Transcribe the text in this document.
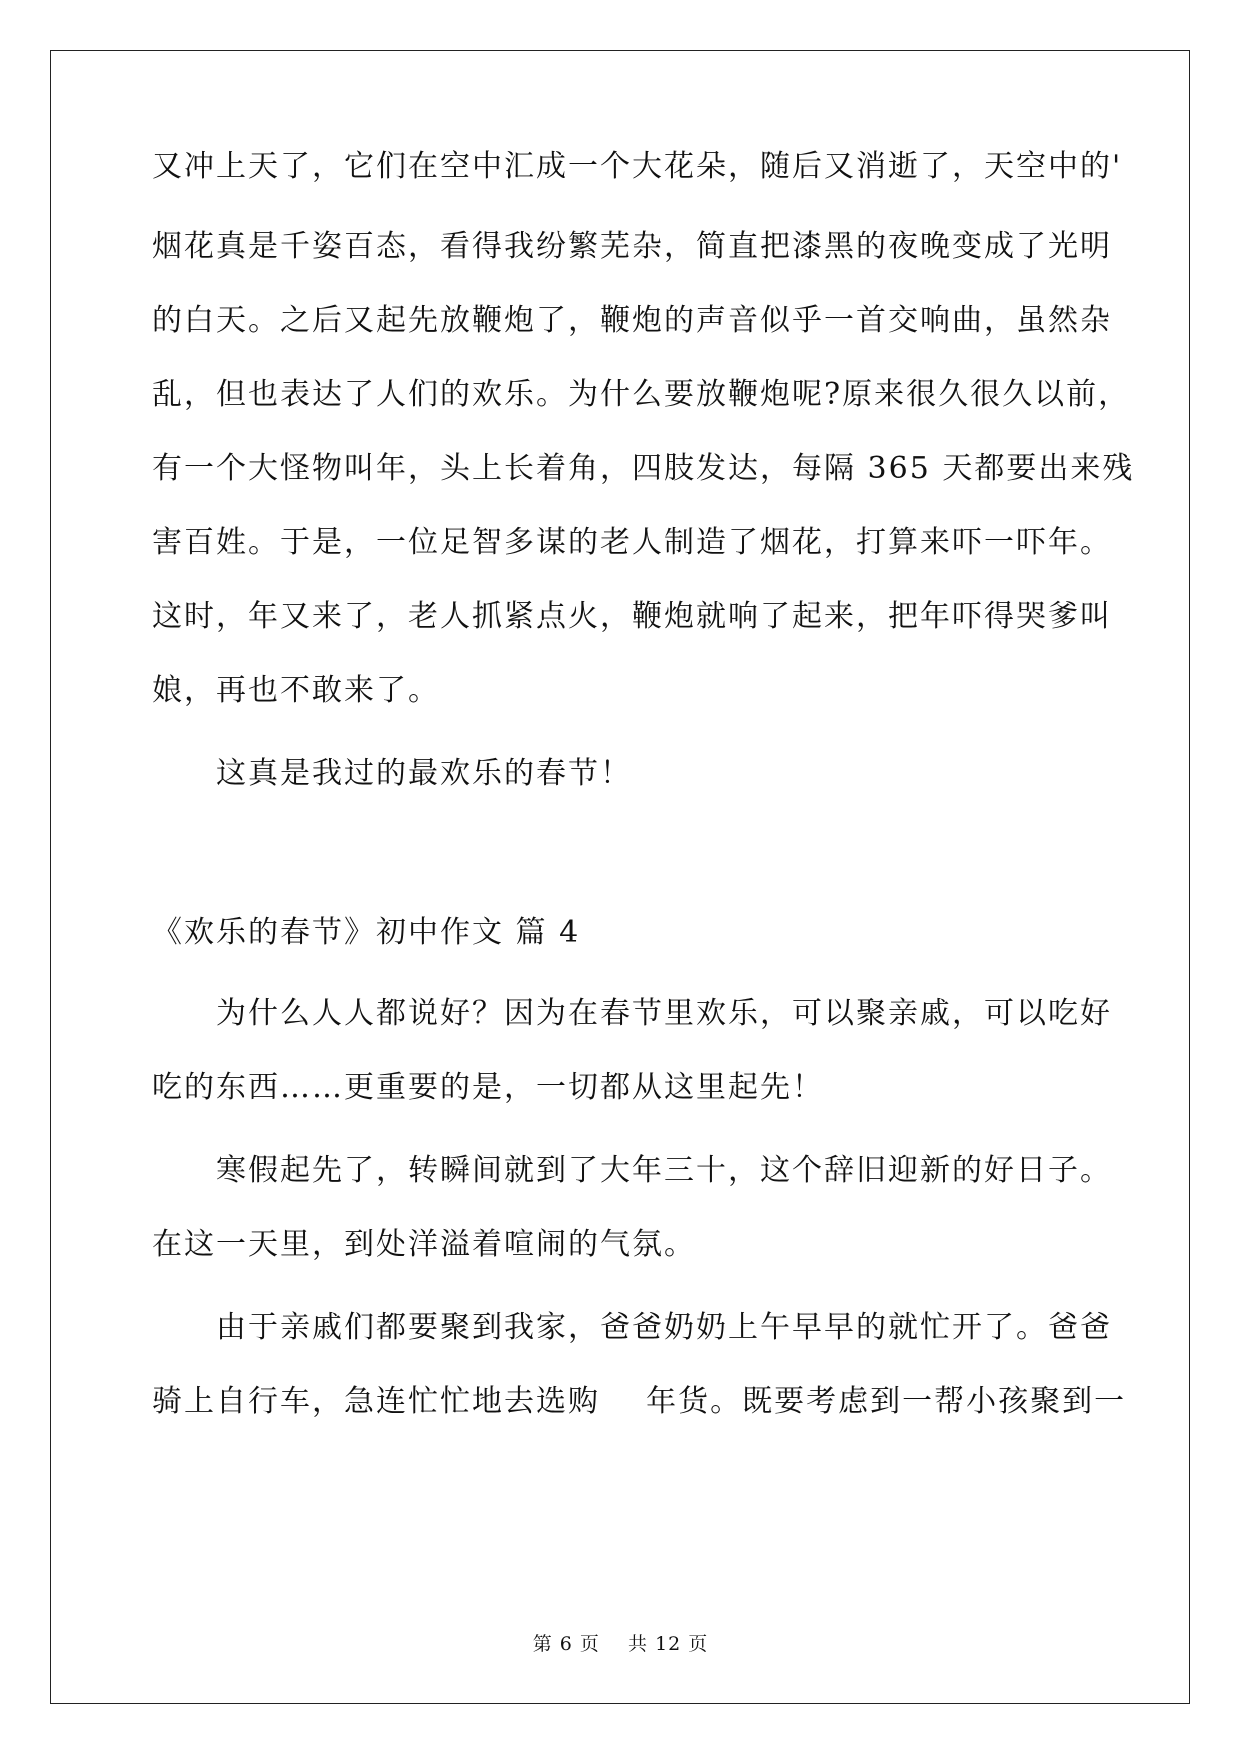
又冲上天了，它们在空中汇成一个大花朵，随后又消逝了，天空中的'
烟花真是千姿百态，看得我纷繁芜杂，简直把漆黑的夜晚变成了光明
的白天。之后又起先放鞭炮了，鞭炮的声音似乎一首交响曲，虽然杂
乱，但也表达了人们的欢乐。为什么要放鞭炮呢?原来很久很久以前，
有一个大怪物叫年，头上长着角，四肢发达，每隔 365 天都要出来残
害百姓。于是，一位足智多谋的老人制造了烟花，打算来吓一吓年。
这时，年又来了，老人抓紧点火，鞭炮就响了起来，把年吓得哭爹叫
娘，再也不敢来了。
这真是我过的最欢乐的春节！
《欢乐的春节》初中作文 篇 4
为什么人人都说好？因为在春节里欢乐，可以聚亲戚，可以吃好
吃的东西……更重要的是，一切都从这里起先！
寒假起先了，转瞬间就到了大年三十，这个辞旧迎新的好日子。
在这一天里，到处洋溢着喧闹的气氛。
由于亲戚们都要聚到我家，爸爸奶奶上午早早的就忙开了。爸爸
骑上自行车，急连忙忙地去选购    年货。既要考虑到一帮小孩聚到一
第 6 页    共 12 页
